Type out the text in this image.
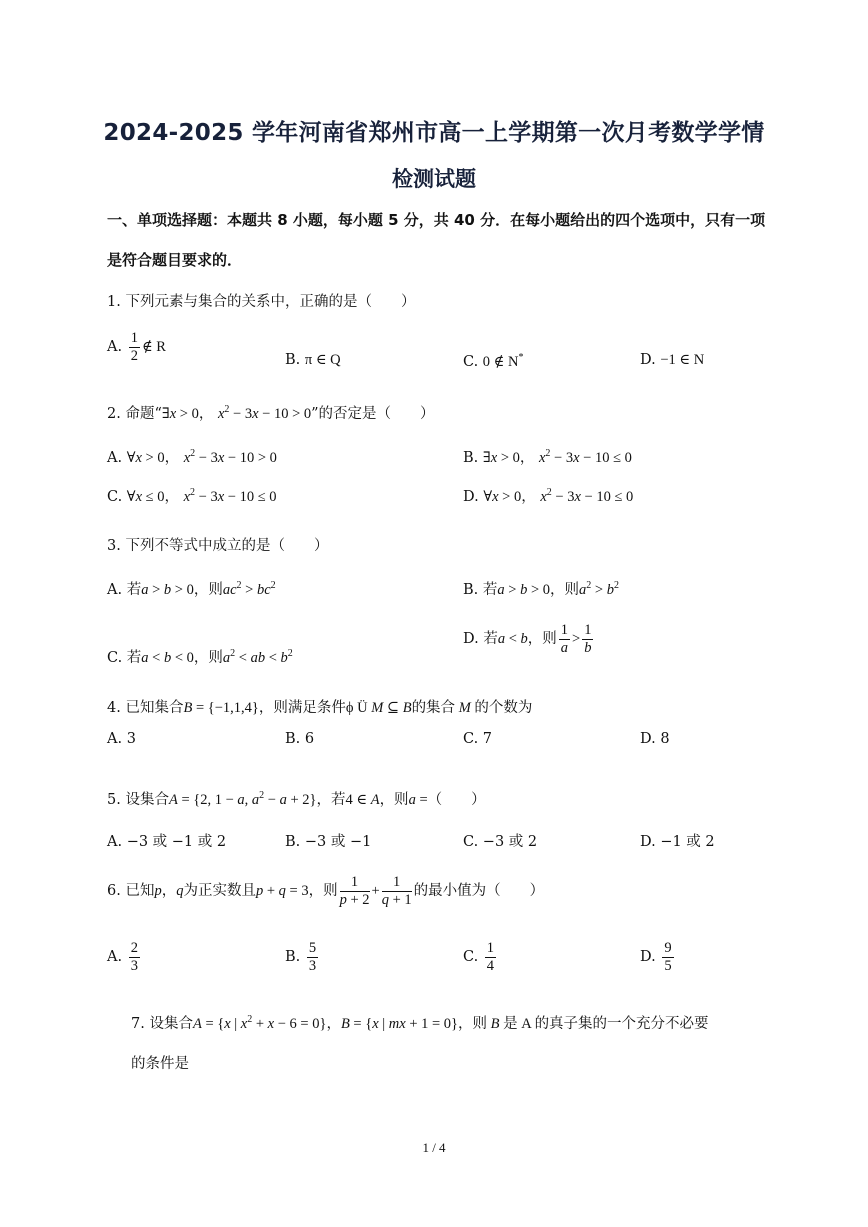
2024-2025 学年河南省郑州市高一上学期第一次月考数学学情
检测试题
一、单项选择题：本题共 8 小题，每小题 5 分，共 40 分．在每小题给出的四个选项中，只有一项
是符合题目要求的．
1. 下列元素与集合的关系中，正确的是（　　）
A. $\frac{1}{2}$ ∉ R
B. π ∈ Q	C. 0 ∉ N*	D. −1 ∈ N
2. 命题“∃x > 0， $x^2 - 3x - 10 > 0$”的否定是（　　）
A. ∀x > 0， $x^2 - 3x - 10 > 0$	B. ∃x > 0， $x^2 - 3x - 10 \le 0$
C. ∀x ≤ 0， $x^2 - 3x - 10 \le 0$	D. ∀x > 0， $x^2 - 3x - 10 \le 0$
3. 下列不等式中成立的是（　　）
A. 若a > b > 0，则$ac^2 > bc^2$	B. 若a > b > 0，则$a^2 > b^2$
C. 若a < b < 0，则$a^2$ < ab < $b^2$
D. 若a < b，则 $\frac{1}{a} > \frac{1}{b}$
4. 已知集合B = {−1,1,4}，则满足条件ϕ Ü M ⊆ B的集合 M 的个数为
A. 3	B. 6	C. 7	D. 8
5. 设集合A = {2, 1 − a, $a^2 - a + 2$}，若4 ∈ A，则a =（　　）
A. −3 或 −1 或 2	B. −3 或 −1	C. −3 或 2	D. −1 或 2
6. 已知p，q为正实数且p + q = 3，则 $\frac{1}{p + 2} + \frac{1}{q + 1}$ 的最小值为（　　）
A. $\frac{2}{3}$	B. $\frac{5}{3}$	C. $\frac{1}{4}$	D. $\frac{9}{5}$
7. 设集合A = {x | $x^2 + x - 6 = 0$}，B = {x | mx + 1 = 0}，则 B 是 A 的真子集的一个充分不必要
的条件是
1 / 4
